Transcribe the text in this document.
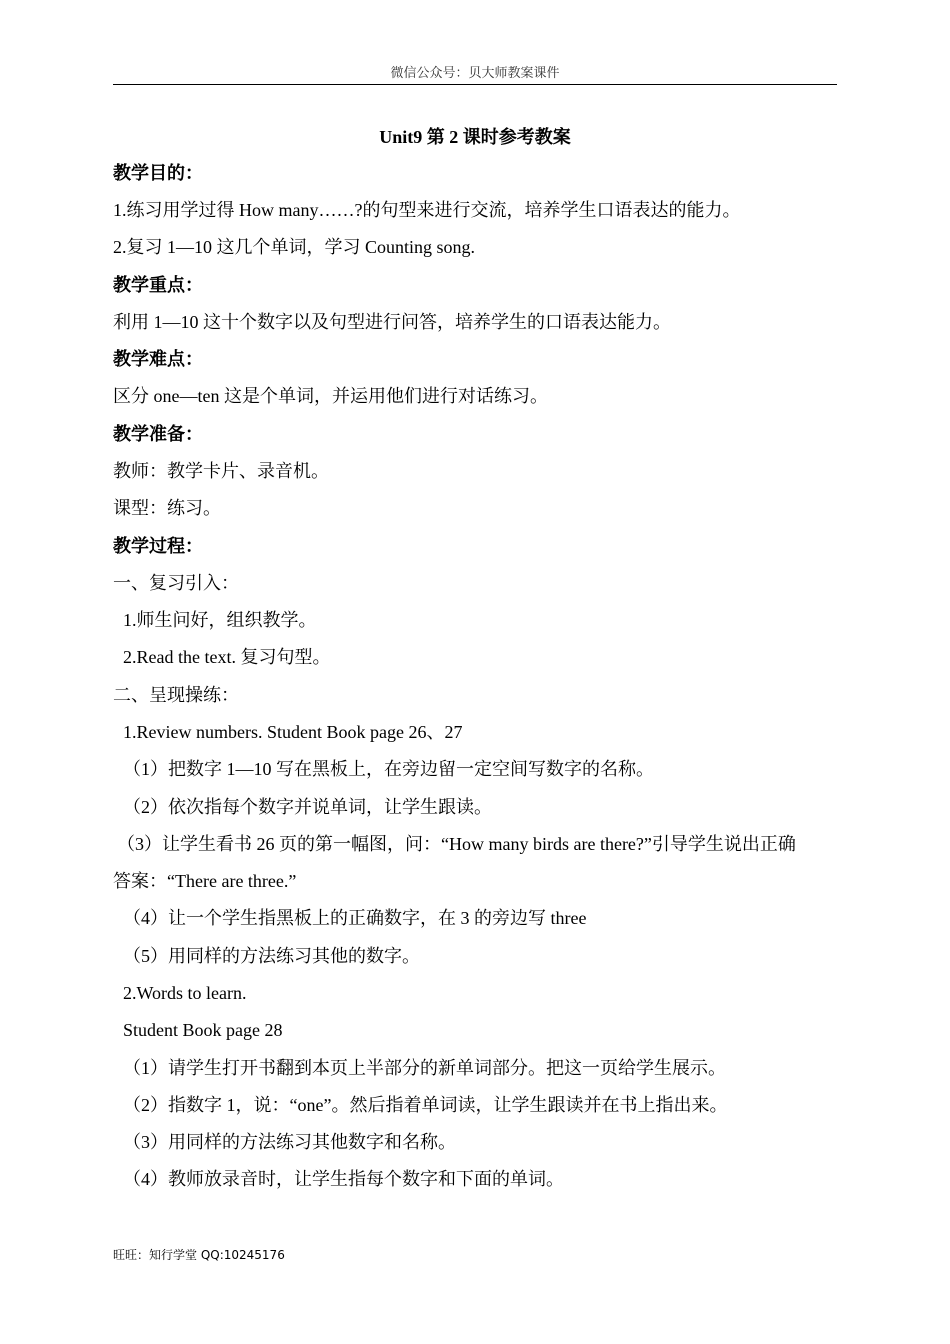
微信公众号：贝大师教案课件
Unit9 第 2 课时参考教案
教学目的：
1.练习用学过得 How many……?的句型来进行交流，培养学生口语表达的能力。
2.复习 1—10 这几个单词，学习 Counting song.
教学重点：
利用 1—10 这十个数字以及句型进行问答，培养学生的口语表达能力。
教学难点：
区分 one—ten 这是个单词，并运用他们进行对话练习。
教学准备：
教师：教学卡片、录音机。
课型：练习。
教学过程：
一、复习引入：
1.师生问好，组织教学。
2.Read the text. 复习句型。
二、呈现操练：
1.Review numbers. Student Book page 26、27
（1）把数字 1—10 写在黑板上，在旁边留一定空间写数字的名称。
（2）依次指每个数字并说单词，让学生跟读。
（3）让学生看书 26 页的第一幅图，问：“How many birds are there?”引导学生说出正确
答案：“There are three.”
（4）让一个学生指黑板上的正确数字，在 3 的旁边写 three
（5）用同样的方法练习其他的数字。
2.Words to learn.
Student Book page 28
（1）请学生打开书翻到本页上半部分的新单词部分。把这一页给学生展示。
（2）指数字 1，说：“one”。然后指着单词读，让学生跟读并在书上指出来。
（3）用同样的方法练习其他数字和名称。
（4）教师放录音时，让学生指每个数字和下面的单词。
旺旺：知行学堂 QQ:10245176
